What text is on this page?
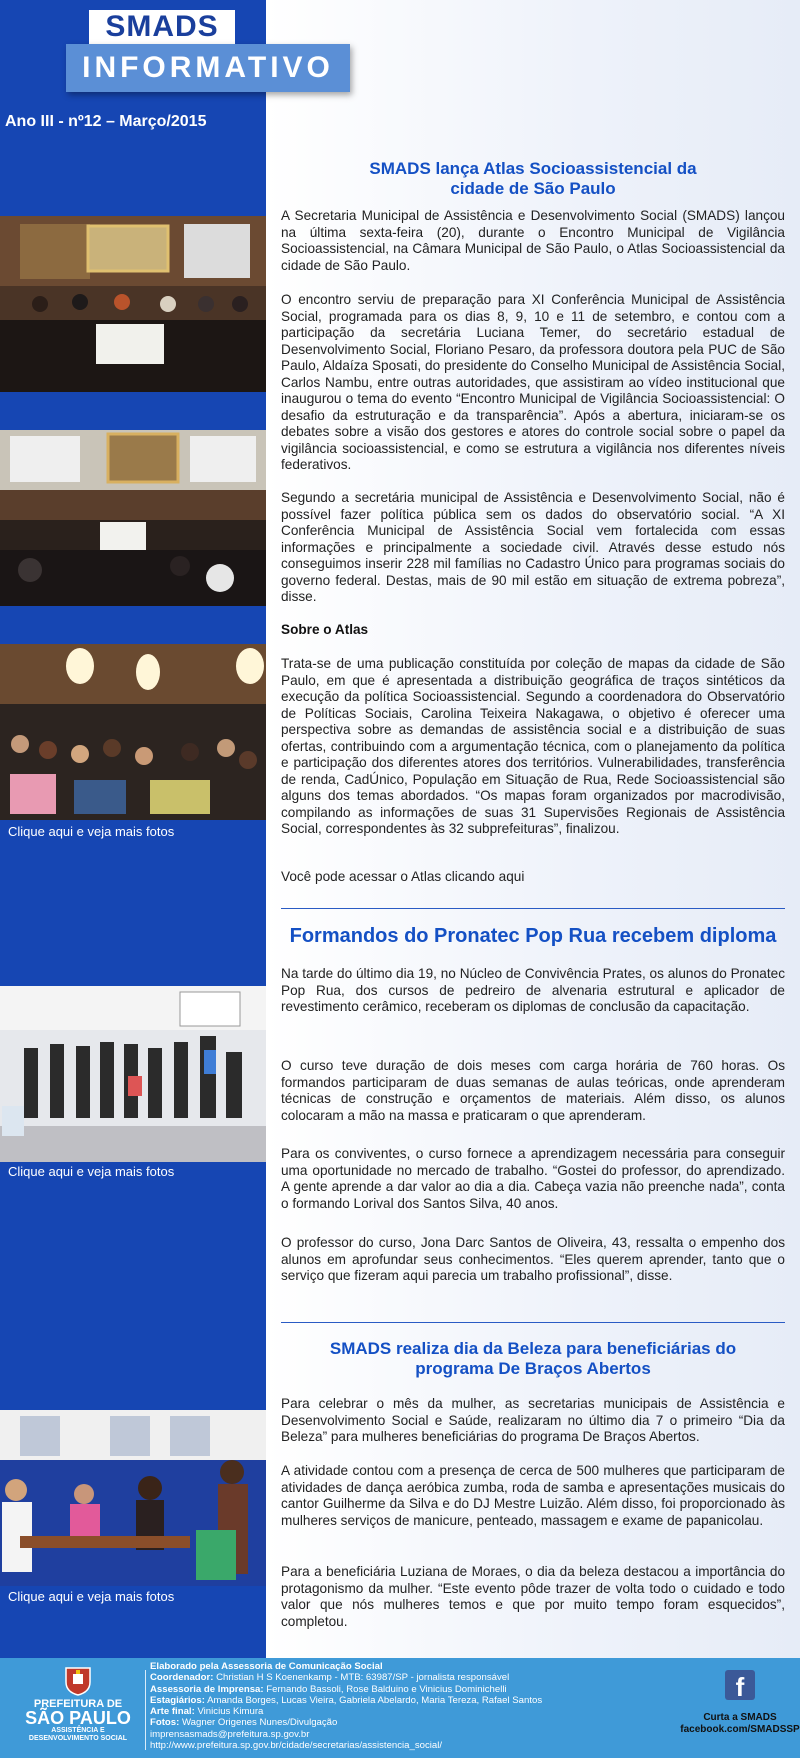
SMADS
INFORMATIVO
Ano III - nº12 – Março/2015
Clique aqui e veja mais fotos
Clique aqui e veja mais fotos
Clique aqui e veja mais fotos
SMADS lança Atlas Socioassistencial da
cidade de São Paulo

A Secretaria Municipal de Assistência e Desenvolvimento Social (SMADS) lançou na última sexta-feira (20), durante o Encontro Municipal de Vigilância Socioassistencial, na Câmara Municipal de São Paulo, o Atlas Socioassistencial da cidade de São Paulo.

O encontro serviu de preparação para XI Conferência Municipal de Assistência Social, programada para os dias 8, 9, 10 e 11 de setembro, e contou com a participação da secretária Luciana Temer, do secretário estadual de Desenvolvimento Social, Floriano Pesaro, da professora doutora pela PUC de São Paulo, Aldaíza Sposati, do presidente do Conselho Municipal de Assistência Social, Carlos Nambu, entre outras autoridades, que assistiram ao vídeo institucional que inaugurou o tema do evento “Encontro Municipal de Vigilância Socioassistencial: O desafio da estruturação e da transparência”. Após a abertura, iniciaram-se os debates sobre a visão dos gestores e atores do controle social sobre o papel da vigilância socioassistencial, e como se estrutura a vigilância nos diferentes níveis federativos.

Segundo a secretária municipal de Assistência e Desenvolvimento Social, não é possível fazer política pública sem os dados do observatório social. “A XI Conferência Municipal de Assistência Social vem fortalecida com essas informações e principalmente a sociedade civil. Através desse estudo nós conseguimos inserir 228 mil famílias no Cadastro Único para programas sociais do governo federal. Destas, mais de 90 mil estão em situação de extrema pobreza”, disse.

Sobre o Atlas

Trata-se de uma publicação constituída por coleção de mapas da cidade de São Paulo, em que é apresentada a distribuição geográfica de traços sintéticos da execução da política Socioassistencial. Segundo a coordenadora do Observatório de Políticas Sociais, Carolina Teixeira Nakagawa, o objetivo é oferecer uma perspectiva sobre as demandas de assistência social e a distribuição de suas ofertas, contribuindo com a argumentação técnica, com o planejamento da política e participação dos diferentes atores dos territórios. Vulnerabilidades, transferência de renda, CadÚnico, População em Situação de Rua, Rede Socioassistencial são alguns dos temas abordados. “Os mapas foram organizados por macrodivisão, compilando as informações de suas 31 Supervisões Regionais de Assistência Social, correspondentes às 32 subprefeituras”, finalizou.

Você pode acessar o Atlas clicando aqui

Formandos do Pronatec Pop Rua recebem diploma

Na tarde do último dia 19, no Núcleo de Convivência Prates, os alunos do Pronatec Pop Rua, dos cursos de pedreiro de alvenaria estrutural e aplicador de revestimento cerâmico, receberam os diplomas de conclusão da capacitação.

O curso teve duração de dois meses com carga horária de 760 horas. Os formandos participaram de duas semanas de aulas teóricas, onde aprenderam técnicas de construção e orçamentos de materiais. Além disso, os alunos colocaram a mão na massa e praticaram o que aprenderam.

Para os conviventes, o curso fornece a aprendizagem necessária para conseguir uma oportunidade no mercado de trabalho. “Gostei do professor, do aprendizado. A gente aprende a dar valor ao dia a dia. Cabeça vazia não preenche nada”, conta o formando Lorival dos Santos Silva, 40 anos.

O professor do curso, Jona Darc Santos de Oliveira, 43, ressalta o empenho dos alunos em aprofundar seus conhecimentos. “Eles querem aprender, tanto que o serviço que fizeram aqui parecia um trabalho profissional”, disse.

SMADS realiza dia da Beleza para beneficiárias do
programa De Braços Abertos

Para celebrar o mês da mulher, as secretarias municipais de Assistência e Desenvolvimento Social e Saúde, realizaram no último dia 7 o primeiro “Dia da Beleza” para mulheres beneficiárias do programa De Braços Abertos.

A atividade contou com a presença de cerca de 500 mulheres que participaram de atividades de dança aeróbica zumba, roda de samba e apresentações musicais do cantor Guilherme da Silva e do DJ Mestre Luizão. Além disso, foi proporcionado às mulheres serviços de manicure, penteado, massagem e exame de papanicolau.

Para a beneficiária Luziana de Moraes, o dia da beleza destacou a importância do protagonismo da mulher. “Este evento pôde trazer de volta todo o cuidado e todo valor que nós mulheres temos e que por muito tempo foram esquecidos”, completou.

PREFEITURA DE
SÃO PAULO
ASSISTÊNCIA E
DESENVOLVIMENTO SOCIAL
Elaborado pela Assessoria de Comunicação Social
Coordenador: Christian H S Koenenkamp - MTB: 63987/SP - jornalista responsável
Assessoria de Imprensa: Fernando Bassoli, Rose Balduino e Vinicius Dominichelli
Estagiários: Amanda Borges, Lucas Vieira, Gabriela Abelardo, Maria Tereza, Rafael Santos
Arte final: Vinicius Kimura
Fotos: Wagner Origenes Nunes/Divulgação
imprensasmads@prefeitura.sp.gov.br
http://www.prefeitura.sp.gov.br/cidade/secretarias/assistencia_social/
f
Curta a SMADS
facebook.com/SMADSSP
